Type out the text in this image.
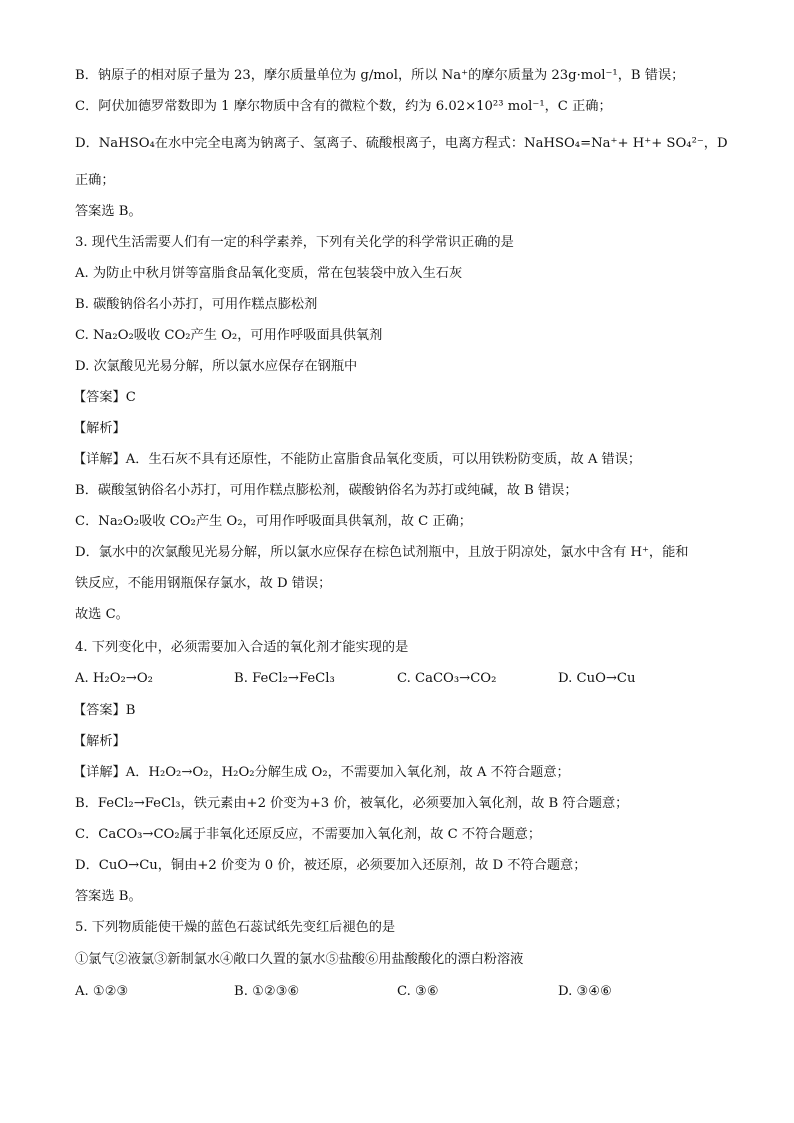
B．钠原子的相对原子量为 23，摩尔质量单位为 g/mol，所以 Na⁺的摩尔质量为 23g·mol⁻¹，B 错误；
C．阿伏加德罗常数即为 1 摩尔物质中含有的微粒个数，约为 6.02×10²³ mol⁻¹，C 正确；
D．NaHSO₄在水中完全电离为钠离子、氢离子、硫酸根离子，电离方程式：NaHSO₄=Na⁺+ H⁺+ SO₄²⁻，D
正确；
答案选 B。
3. 现代生活需要人们有一定的科学素养，下列有关化学的科学常识正确的是
A. 为防止中秋月饼等富脂食品氧化变质，常在包装袋中放入生石灰
B. 碳酸钠俗名小苏打，可用作糕点膨松剂
C. Na₂O₂吸收 CO₂产生 O₂，可用作呼吸面具供氧剂
D. 次氯酸见光易分解，所以氯水应保存在钢瓶中
【答案】C
【解析】
【详解】A．生石灰不具有还原性，不能防止富脂食品氧化变质，可以用铁粉防变质，故 A 错误；
B．碳酸氢钠俗名小苏打，可用作糕点膨松剂，碳酸钠俗名为苏打或纯碱，故 B 错误；
C．Na₂O₂吸收 CO₂产生 O₂，可用作呼吸面具供氧剂，故 C 正确；
D．氯水中的次氯酸见光易分解，所以氯水应保存在棕色试剂瓶中，且放于阴凉处，氯水中含有 H⁺，能和
铁反应，不能用钢瓶保存氯水，故 D 错误；
故选 C。
4. 下列变化中，必须需要加入合适的氧化剂才能实现的是
A. H₂O₂→O₂	B. FeCl₂→FeCl₃	C. CaCO₃→CO₂	D. CuO→Cu
【答案】B
【解析】
【详解】A．H₂O₂→O₂，H₂O₂分解生成 O₂，不需要加入氧化剂，故 A 不符合题意；
B．FeCl₂→FeCl₃，铁元素由+2 价变为+3 价，被氧化，必须要加入氧化剂，故 B 符合题意；
C．CaCO₃→CO₂属于非氧化还原反应，不需要加入氧化剂，故 C 不符合题意；
D．CuO→Cu，铜由+2 价变为 0 价，被还原，必须要加入还原剂，故 D 不符合题意；
答案选 B。
5. 下列物质能使干燥的蓝色石蕊试纸先变红后褪色的是
①氯气②液氯③新制氯水④敞口久置的氯水⑤盐酸⑥用盐酸酸化的漂白粉溶液
A. ①②③	B. ①②③⑥	C. ③⑥	D. ③④⑥
